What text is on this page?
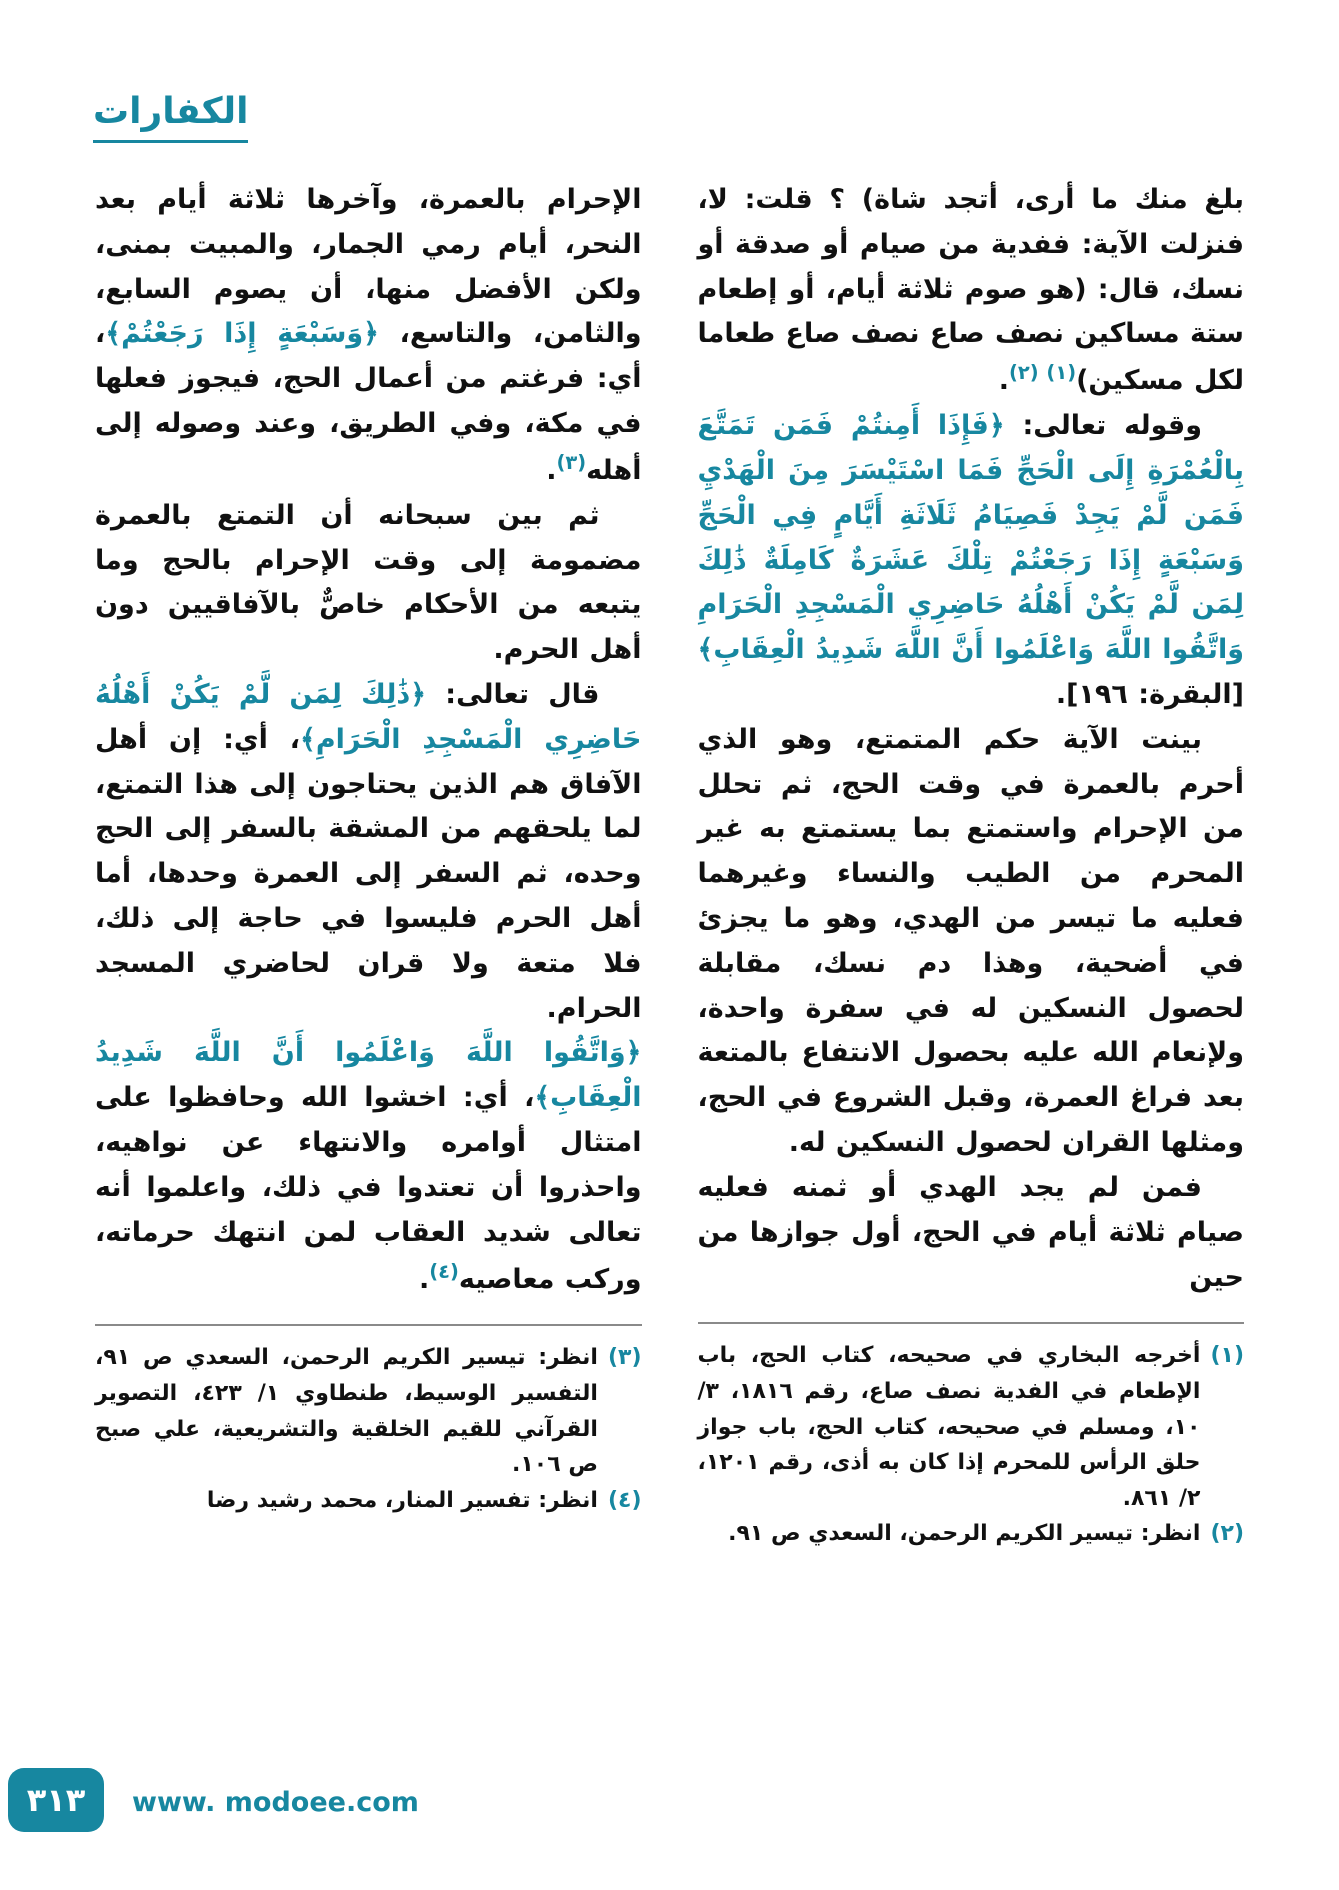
الكفارات

بلغ منك ما أرى، أتجد شاة) ؟ قلت: لا، فنزلت الآية: ففدية من صيام أو صدقة أو نسك، قال: (هو صوم ثلاثة أيام، أو إطعام ستة مساكين نصف صاع نصف صاع طعاما لكل مسكين)$^{(١) (٢)}$.

وقوله تعالى: ﴿فَإِذَا أَمِنتُمْ فَمَن تَمَتَّعَ بِالْعُمْرَةِ إِلَى الْحَجِّ فَمَا اسْتَيْسَرَ مِنَ الْهَدْيِ فَمَن لَّمْ يَجِدْ فَصِيَامُ ثَلَاثَةِ أَيَّامٍ فِي الْحَجِّ وَسَبْعَةٍ إِذَا رَجَعْتُمْ تِلْكَ عَشَرَةٌ كَامِلَةٌ ذَٰلِكَ لِمَن لَّمْ يَكُنْ أَهْلُهُ حَاضِرِي الْمَسْجِدِ الْحَرَامِ وَاتَّقُوا اللَّهَ وَاعْلَمُوا أَنَّ اللَّهَ شَدِيدُ الْعِقَابِ﴾ [البقرة: ١٩٦].

بينت الآية حكم المتمتع، وهو الذي أحرم بالعمرة في وقت الحج، ثم تحلل من الإحرام واستمتع بما يستمتع به غير المحرم من الطيب والنساء وغيرهما فعليه ما تيسر من الهدي، وهو ما يجزئ في أضحية، وهذا دم نسك، مقابلة لحصول النسكين له في سفرة واحدة، ولإنعام الله عليه بحصول الانتفاع بالمتعة بعد فراغ العمرة، وقبل الشروع في الحج، ومثلها القران لحصول النسكين له.

فمن لم يجد الهدي أو ثمنه فعليه صيام ثلاثة أيام في الحج، أول جوازها من حين

(١)
أخرجه البخاري في صحيحه، كتاب الحج، باب الإطعام في الفدية نصف صاع، رقم ١٨١٦، ٣/ ١٠، ومسلم في صحيحه، كتاب الحج، باب جواز حلق الرأس للمحرم إذا كان به أذى، رقم ١٢٠١، ٢/ ٨٦١.
(٢)
انظر: تيسير الكريم الرحمن، السعدي ص ٩١.

الإحرام بالعمرة، وآخرها ثلاثة أيام بعد النحر، أيام رمي الجمار، والمبيت بمنى، ولكن الأفضل منها، أن يصوم السابع، والثامن، والتاسع، ﴿وَسَبْعَةٍ إِذَا رَجَعْتُمْ﴾، أي: فرغتم من أعمال الحج، فيجوز فعلها في مكة، وفي الطريق، وعند وصوله إلى أهله$^{(٣)}$.

ثم بين سبحانه أن التمتع بالعمرة مضمومة إلى وقت الإحرام بالحج وما يتبعه من الأحكام خاصٌّ بالآفاقيين دون أهل الحرم.

قال تعالى: ﴿ذَٰلِكَ لِمَن لَّمْ يَكُنْ أَهْلُهُ حَاضِرِي الْمَسْجِدِ الْحَرَامِ﴾، أي: إن أهل الآفاق هم الذين يحتاجون إلى هذا التمتع، لما يلحقهم من المشقة بالسفر إلى الحج وحده، ثم السفر إلى العمرة وحدها، أما أهل الحرم فليسوا في حاجة إلى ذلك، فلا متعة ولا قران لحاضري المسجد الحرام.

﴿وَاتَّقُوا اللَّهَ وَاعْلَمُوا أَنَّ اللَّهَ شَدِيدُ الْعِقَابِ﴾، أي: اخشوا الله وحافظوا على امتثال أوامره والانتهاء عن نواهيه، واحذروا أن تعتدوا في ذلك، واعلموا أنه تعالى شديد العقاب لمن انتهك حرماته، وركب معاصيه$^{(٤)}$.

(٣)
انظر: تيسير الكريم الرحمن، السعدي ص ٩١، التفسير الوسيط، طنطاوي ١/ ٤٢٣، التصوير القرآني للقيم الخلقية والتشريعية، علي صبح ص ١٠٦.
(٤)
انظر: تفسير المنار، محمد رشيد رضا
٣١٣	www. modoee.com
